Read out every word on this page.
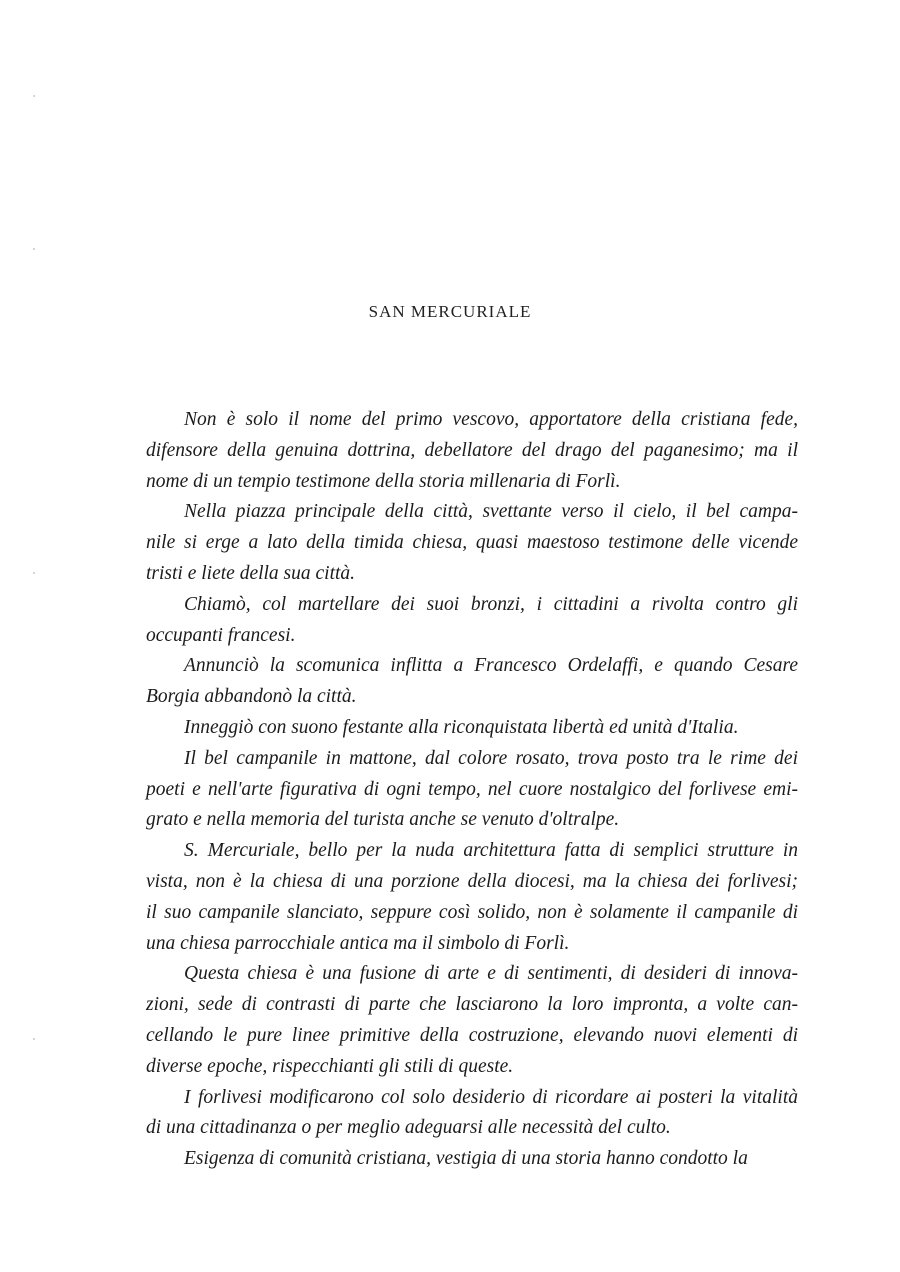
SAN MERCURIALE

Non è solo il nome del primo vescovo, apportatore della cristiana fede,
difensore della genuina dottrina, debellatore del drago del paganesimo; ma il
nome di un tempio testimone della storia millenaria di Forlì.

Nella piazza principale della città, svettante verso il cielo, il bel campa-
nile si erge a lato della timida chiesa, quasi maestoso testimone delle vicende
tristi e liete della sua città.

Chiamò, col martellare dei suoi bronzi, i cittadini a rivolta contro gli
occupanti francesi.

Annunciò la scomunica inflitta a Francesco Ordelaffi, e quando Cesare
Borgia abbandonò la città.

Inneggiò con suono festante alla riconquistata libertà ed unità d'Italia.

Il bel campanile in mattone, dal colore rosato, trova posto tra le rime dei
poeti e nell'arte figurativa di ogni tempo, nel cuore nostalgico del forlivese emi-
grato e nella memoria del turista anche se venuto d'oltralpe.

S. Mercuriale, bello per la nuda architettura fatta di semplici strutture in
vista, non è la chiesa di una porzione della diocesi, ma la chiesa dei forlivesi;
il suo campanile slanciato, seppure così solido, non è solamente il campanile di
una chiesa parrocchiale antica ma il simbolo di Forlì.

Questa chiesa è una fusione di arte e di sentimenti, di desideri di innova-
zioni, sede di contrasti di parte che lasciarono la loro impronta, a volte can-
cellando le pure linee primitive della costruzione, elevando nuovi elementi di
diverse epoche, rispecchianti gli stili di queste.

I forlivesi modificarono col solo desiderio di ricordare ai posteri la vitalità
di una cittadinanza o per meglio adeguarsi alle necessità del culto.

Esigenza di comunità cristiana, vestigia di una storia hanno condotto la
